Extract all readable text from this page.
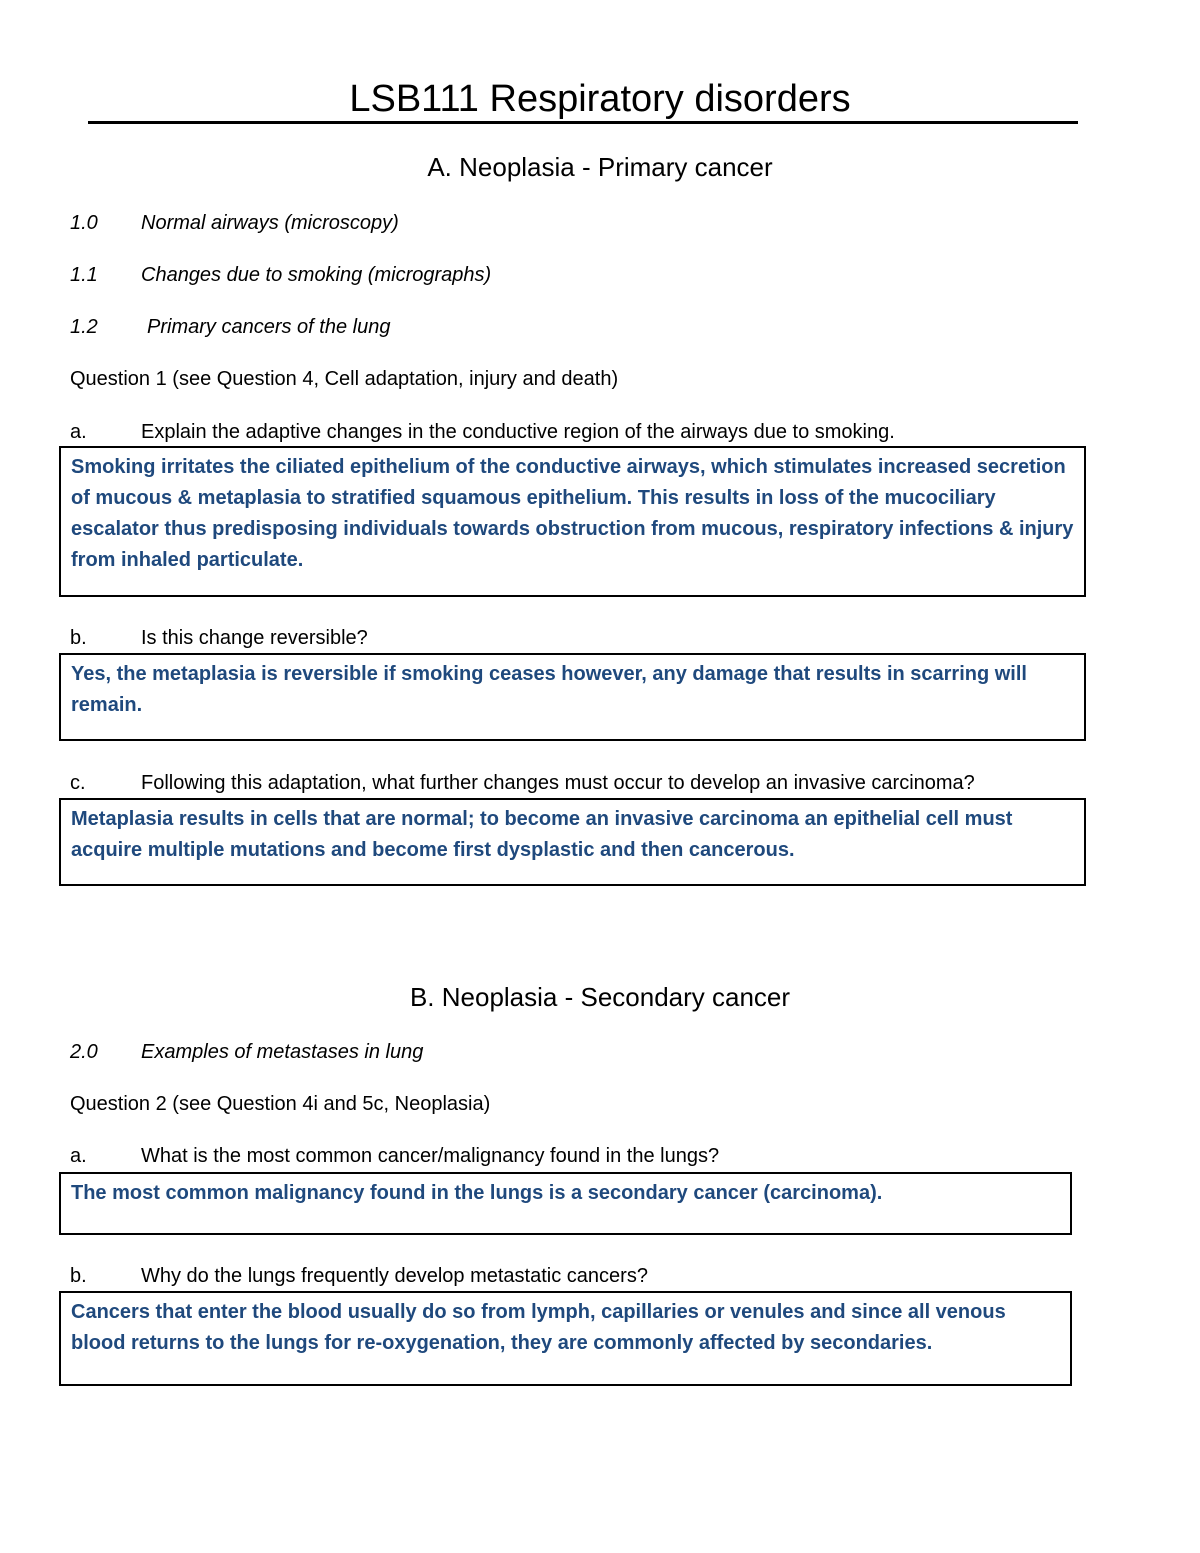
LSB111 Respiratory disorders
A. Neoplasia - Primary cancer
1.0 Normal airways (microscopy)
1.1 Changes due to smoking (micrographs)
1.2 Primary cancers of the lung
Question 1 (see Question 4, Cell adaptation, injury and death)
a.	Explain the adaptive changes in the conductive region of the airways due to smoking.
Smoking irritates the ciliated epithelium of the conductive airways, which stimulates increased secretion of mucous & metaplasia to stratified squamous epithelium. This results in loss of the mucociliary escalator thus predisposing individuals towards obstruction from mucous, respiratory infections & injury from inhaled particulate.
b.	Is this change reversible?
Yes, the metaplasia is reversible if smoking ceases however, any damage that results in scarring will remain.
c.	Following this adaptation, what further changes must occur to develop an invasive carcinoma?
Metaplasia results in cells that are normal; to become an invasive carcinoma an epithelial cell must acquire multiple mutations and become first dysplastic and then cancerous.
B. Neoplasia - Secondary cancer
2.0 Examples of metastases in lung
Question 2 (see Question 4i and 5c, Neoplasia)
a.	What is the most common cancer/malignancy found in the lungs?
The most common malignancy found in the lungs is a secondary cancer (carcinoma).
b.	Why do the lungs frequently develop metastatic cancers?
Cancers that enter the blood usually do so from lymph, capillaries or venules and since all venous blood returns to the lungs for re-oxygenation, they are commonly affected by secondaries.
